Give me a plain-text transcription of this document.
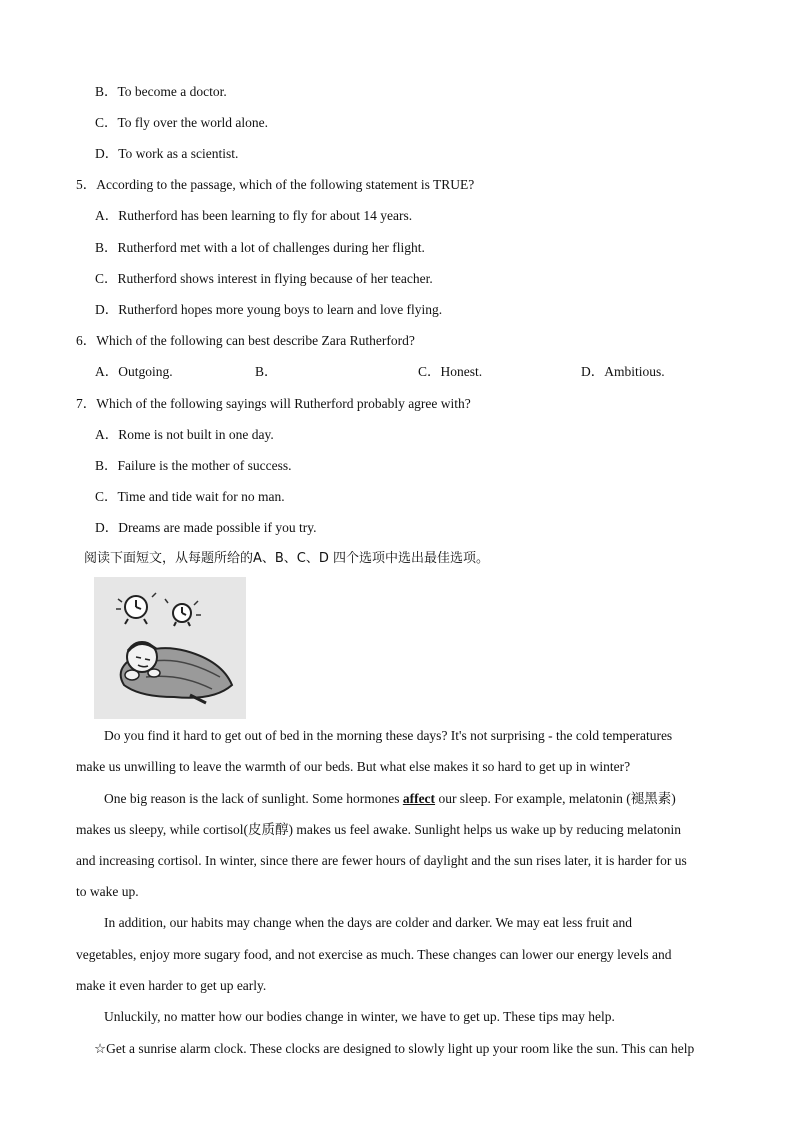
B．To become a doctor.
C．To fly over the world alone.
D．To work as a scientist.
5．According to the passage, which of the following statement is TRUE?
A．Rutherford has been learning to fly for about 14 years.
B．Rutherford met with a lot of challenges during her flight.
C．Rutherford shows interest in flying because of her teacher.
D．Rutherford hopes more young boys to learn and love flying.
6．Which of the following can best describe Zara Rutherford?
A．Outgoing.	B．	C．Honest.	D．Ambitious.
7．Which of the following sayings will Rutherford probably agree with?
A．Rome is not built in one day.
B．Failure is the mother of success.
C．Time and tide wait for no man.
D．Dreams are made possible if you try.
阅读下面短文，从每题所给的A、B、C、D 四个选项中选出最佳选项。
Do you find it hard to get out of bed in the morning these days? It's not surprising - the cold temperatures
make us unwilling to leave the warmth of our beds. But what else makes it so hard to get up in winter?
One big reason is the lack of sunlight. Some hormones affect our sleep. For example, melatonin (褪黑素)
makes us sleepy, while cortisol(皮质醇) makes us feel awake. Sunlight helps us wake up by reducing melatonin
and increasing cortisol. In winter, since there are fewer hours of daylight and the sun rises later, it is harder for us
to wake up.
In addition, our habits may change when the days are colder and darker. We may eat less fruit and
vegetables, enjoy more sugary food, and not exercise as much. These changes can lower our energy levels and
make it even harder to get up early.
Unluckily, no matter how our bodies change in winter, we have to get up. These tips may help.
☆Get a sunrise alarm clock. These clocks are designed to slowly light up your room like the sun. This can help
